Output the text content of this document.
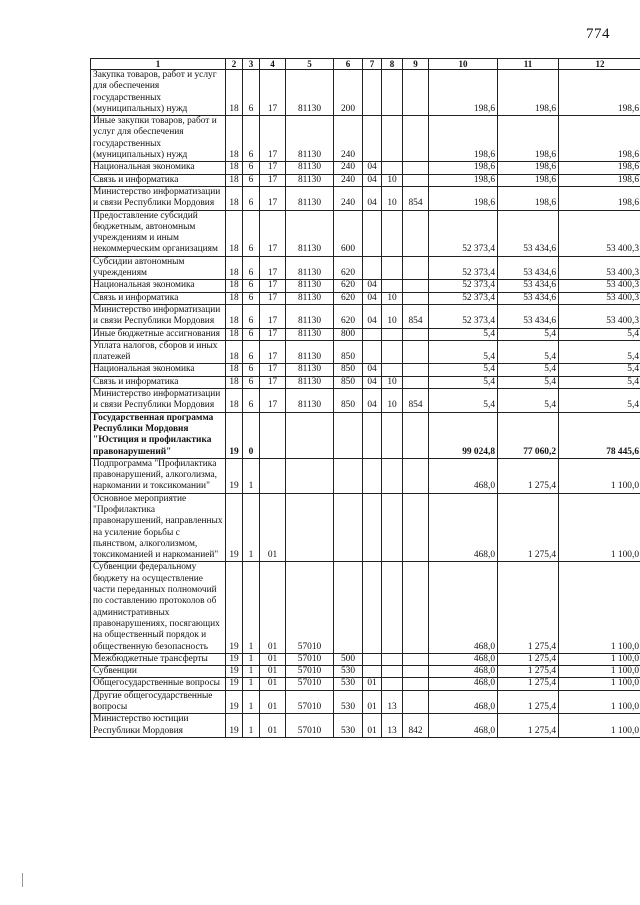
774
1	2	3	4	5	6	7	8	9	10	11	12
Закупка товаров, работ и услуг для обеспечения государственных (муниципальных) нужд	18	6	17	81130	200				198,6	198,6	198,6
Иные закупки товаров, работ и услуг для обеспечения государственных (муниципальных) нужд	18	6	17	81130	240				198,6	198,6	198,6
Национальная экономика	18	6	17	81130	240	04			198,6	198,6	198,6
Связь и информатика	18	6	17	81130	240	04	10		198,6	198,6	198,6
Министерство информатизации и связи Республики Мордовия	18	6	17	81130	240	04	10	854	198,6	198,6	198,6
Предоставление субсидий бюджетным, автономным учреждениям и иным некоммерческим организациям	18	6	17	81130	600				52 373,4	53 434,6	53 400,3
Субсидии автономным учреждениям	18	6	17	81130	620				52 373,4	53 434,6	53 400,3
Национальная экономика	18	6	17	81130	620	04			52 373,4	53 434,6	53 400,3
Связь и информатика	18	6	17	81130	620	04	10		52 373,4	53 434,6	53 400,3
Министерство информатизации и связи Республики Мордовия	18	6	17	81130	620	04	10	854	52 373,4	53 434,6	53 400,3
Иные бюджетные ассигнования	18	6	17	81130	800				5,4	5,4	5,4
Уплата налогов, сборов и иных платежей	18	6	17	81130	850				5,4	5,4	5,4
Национальная экономика	18	6	17	81130	850	04			5,4	5,4	5,4
Связь и информатика	18	6	17	81130	850	04	10		5,4	5,4	5,4
Министерство информатизации и связи Республики Мордовия	18	6	17	81130	850	04	10	854	5,4	5,4	5,4
Государственная программа Республики Мордовия "Юстиция и профилактика правонарушений"	19	0							99 024,8	77 060,2	78 445,6
Подпрограмма "Профилактика правонарушений, алкоголизма, наркомании и токсикомании"	19	1							468,0	1 275,4	1 100,0
Основное мероприятие "Профилактика правонарушений, направленных на усиление борьбы с пьянством, алкоголизмом, токсикоманией и наркоманией"	19	1	01						468,0	1 275,4	1 100,0
Субвенции федеральному бюджету на осуществление части переданных полномочий по составлению протоколов об административных правонарушениях, посягающих на общественный порядок и общественную безопасность	19	1	01	57010					468,0	1 275,4	1 100,0
Межбюджетные трансферты	19	1	01	57010	500				468,0	1 275,4	1 100,0
Субвенции	19	1	01	57010	530				468,0	1 275,4	1 100,0
Общегосударственные вопросы	19	1	01	57010	530	01			468,0	1 275,4	1 100,0
Другие общегосударственные вопросы	19	1	01	57010	530	01	13		468,0	1 275,4	1 100,0
Министерство юстиции Республики Мордовия	19	1	01	57010	530	01	13	842	468,0	1 275,4	1 100,0
